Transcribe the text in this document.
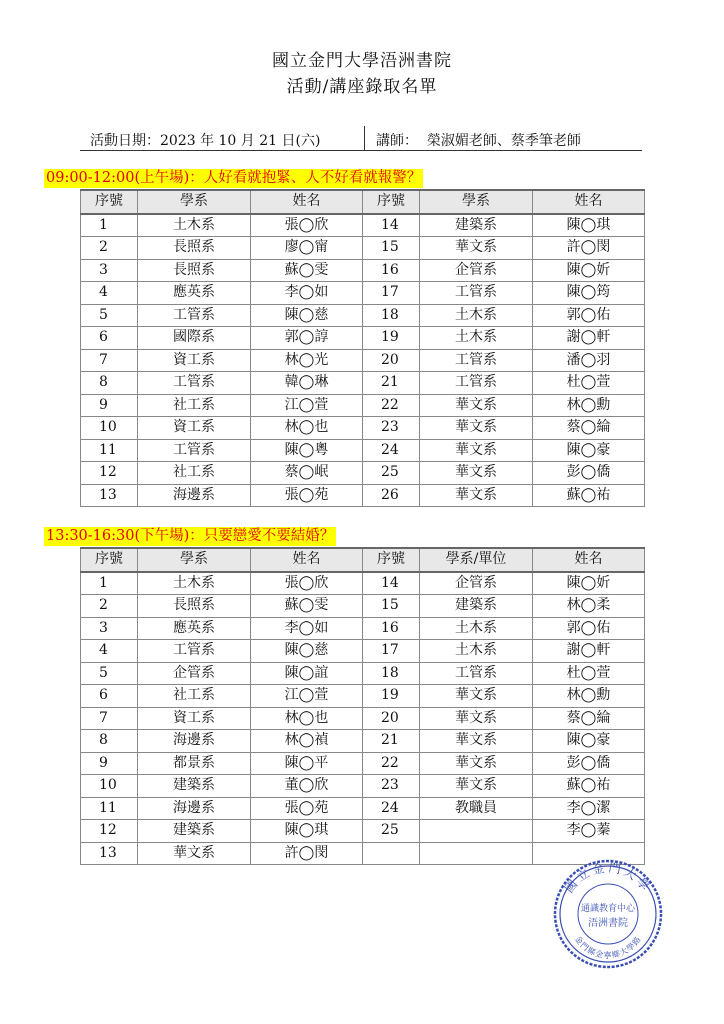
國立金門大學浯洲書院
活動/講座錄取名單
活動日期：2023 年 10 月 21 日(六)	講師： 榮淑媚老師、蔡季筆老師
09:00-12:00(上午場)：人好看就抱緊、人不好看就報警？
序號	學系	姓名	序號	學系	姓名
1	土木系	張◯欣	14	建築系	陳◯琪
2	長照系	廖◯甯	15	華文系	許◯閔
3	長照系	蘇◯雯	16	企管系	陳◯妡
4	應英系	李◯如	17	工管系	陳◯筠
5	工管系	陳◯慈	18	土木系	郭◯佑
6	國際系	郭◯諄	19	土木系	謝◯軒
7	資工系	林◯光	20	工管系	潘◯羽
8	工管系	韓◯琳	21	工管系	杜◯萱
9	社工系	江◯萱	22	華文系	林◯勳
10	資工系	林◯也	23	華文系	蔡◯綸
11	工管系	陳◯粵	24	華文系	陳◯豪
12	社工系	蔡◯岷	25	華文系	彭◯僑
13	海邊系	張◯苑	26	華文系	蘇◯祐
13:30-16:30(下午場)：只要戀愛不要結婚？
序號	學系	姓名	序號	學系/單位	姓名
1	土木系	張◯欣	14	企管系	陳◯妡
2	長照系	蘇◯雯	15	建築系	林◯柔
3	應英系	李◯如	16	土木系	郭◯佑
4	工管系	陳◯慈	17	土木系	謝◯軒
5	企管系	陳◯誼	18	工管系	杜◯萱
6	社工系	江◯萱	19	華文系	林◯勳
7	資工系	林◯也	20	華文系	蔡◯綸
8	海邊系	林◯禎	21	華文系	陳◯豪
9	都景系	陳◯平	22	華文系	彭◯僑
10	建築系	董◯欣	23	華文系	蘇◯祐
11	海邊系	張◯苑	24	教職員	李◯潔
12	建築系	陳◯琪	25		李◯蓁
13	華文系	許◯閔			
國立金門大學
金門縣金寧鄉大學路
通識教育中心
浯洲書院
